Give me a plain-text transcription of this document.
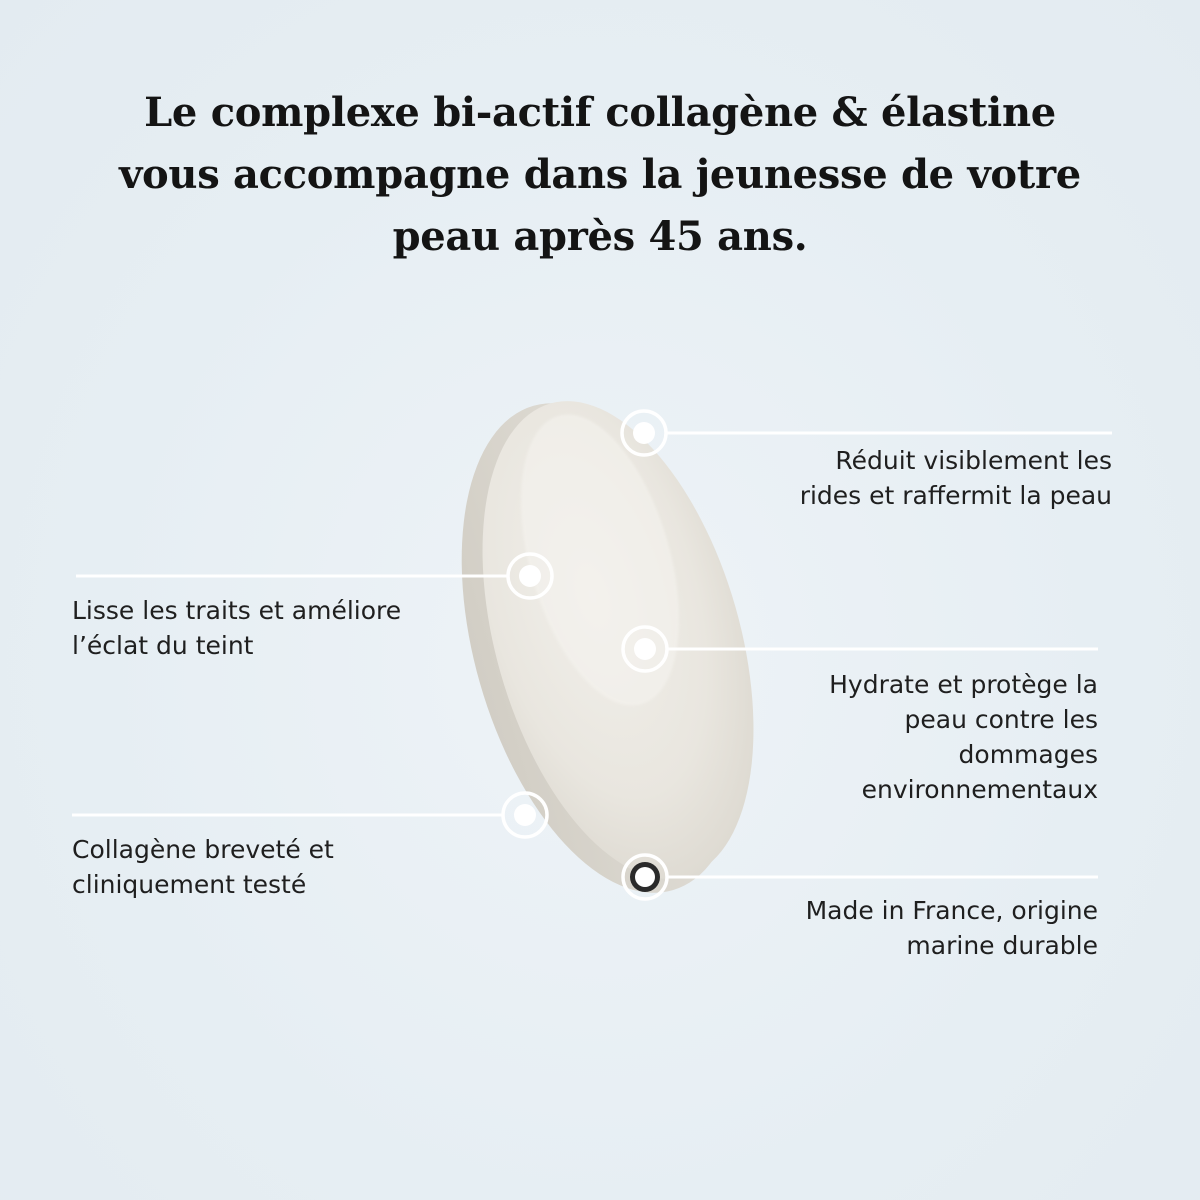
Le complexe bi-actif collagène & élastine
vous accompagne dans la jeunesse de votre
peau après 45 ans.
Réduit visiblement les
rides et raffermit la peau
Lisse les traits et améliore
l’éclat du teint
Hydrate et protège la
peau contre les
dommages
environnementaux
Collagène breveté et
cliniquement testé
Made in France, origine
marine durable
